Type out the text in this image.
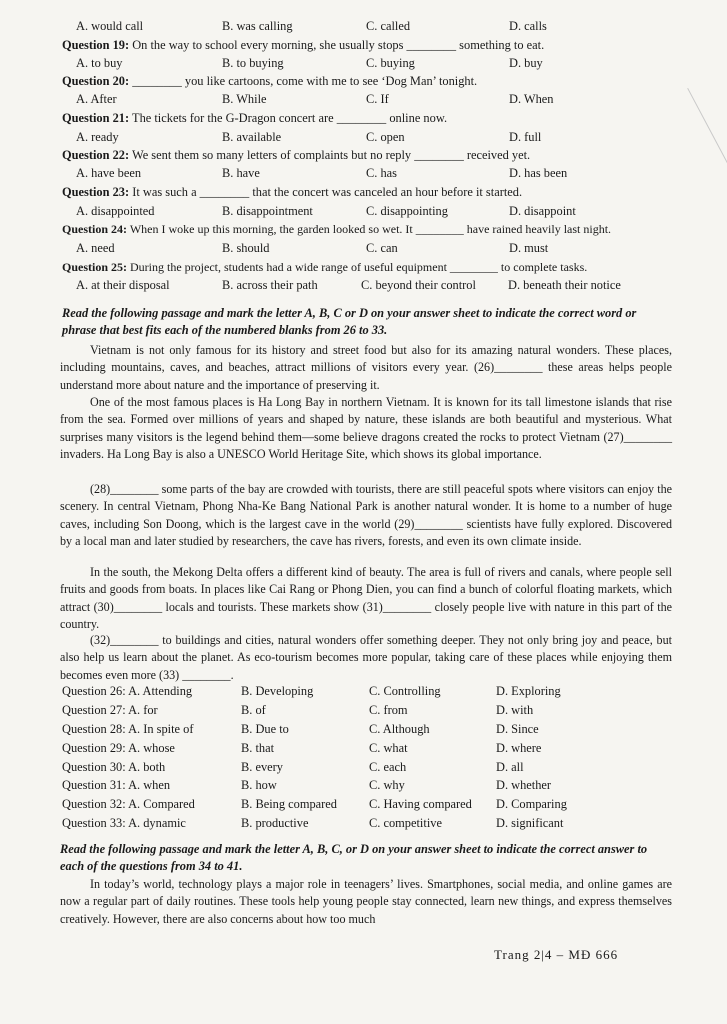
A. would call	B. was calling	C. called	D. calls
Question 19: On the way to school every morning, she usually stops ________ something to eat.
A. to buy	B. to buying	C. buying	D. buy
Question 20: ________ you like cartoons, come with me to see ‘Dog Man’ tonight.
A. After	B. While	C. If	D. When
Question 21: The tickets for the G-Dragon concert are ________ online now.
A. ready	B. available	C. open	D. full
Question 22: We sent them so many letters of complaints but no reply ________ received yet.
A. have been	B. have	C. has	D. has been
Question 23: It was such a ________ that the concert was canceled an hour before it started.
A. disappointed	B. disappointment	C. disappointing	D. disappoint
Question 24: When I woke up this morning, the garden looked so wet. It ________ have rained heavily last night.
A. need	B. should	C. can	D. must
Question 25: During the project, students had a wide range of useful equipment ________ to complete tasks.
A. at their disposal	B. across their path	C. beyond their control	D. beneath their notice
Read the following passage and mark the letter A, B, C or D on your answer sheet to indicate the correct word or phrase that best fits each of the numbered blanks from 26 to 33.
Vietnam is not only famous for its history and street food but also for its amazing natural wonders. These places, including mountains, caves, and beaches, attract millions of visitors every year. (26)________ these areas helps people understand more about nature and the importance of preserving it.
One of the most famous places is Ha Long Bay in northern Vietnam. It is known for its tall limestone islands that rise from the sea. Formed over millions of years and shaped by nature, these islands are both beautiful and mysterious. What surprises many visitors is the legend behind them—some believe dragons created the rocks to protect Vietnam (27)________ invaders. Ha Long Bay is also a UNESCO World Heritage Site, which shows its global importance.
(28)________ some parts of the bay are crowded with tourists, there are still peaceful spots where visitors can enjoy the scenery. In central Vietnam, Phong Nha-Ke Bang National Park is another natural wonder. It is home to a number of huge caves, including Son Doong, which is the largest cave in the world (29)________ scientists have fully explored. Discovered by a local man and later studied by researchers, the cave has rivers, forests, and even its own climate inside.
In the south, the Mekong Delta offers a different kind of beauty. The area is full of rivers and canals, where people sell fruits and goods from boats. In places like Cai Rang or Phong Dien, you can find a bunch of colorful floating markets, which attract (30)________ locals and tourists. These markets show (31)________ closely people live with nature in this part of the country.
(32)________ to buildings and cities, natural wonders offer something deeper. They not only bring joy and peace, but also help us learn about the planet. As eco-tourism becomes more popular, taking care of these places while enjoying them becomes even more (33) ________.
Question 26: A. Attending	B. Developing	C. Controlling	D. Exploring
Question 27: A. for	B. of	C. from	D. with
Question 28: A. In spite of	B. Due to	C. Although	D. Since
Question 29: A. whose	B. that	C. what	D. where
Question 30: A. both	B. every	C. each	D. all
Question 31: A. when	B. how	C. why	D. whether
Question 32: A. Compared	B. Being compared	C. Having compared D. Comparing
Question 33: A. dynamic	B. productive	C. competitive	D. significant
Read the following passage and mark the letter A, B, C, or D on your answer sheet to indicate the correct answer to each of the questions from 34 to 41.
In today’s world, technology plays a major role in teenagers’ lives. Smartphones, social media, and online games are now a regular part of daily routines. These tools help young people stay connected, learn new things, and express themselves creatively. However, there are also concerns about how too much
Trang 2|4 – MĐ 666
